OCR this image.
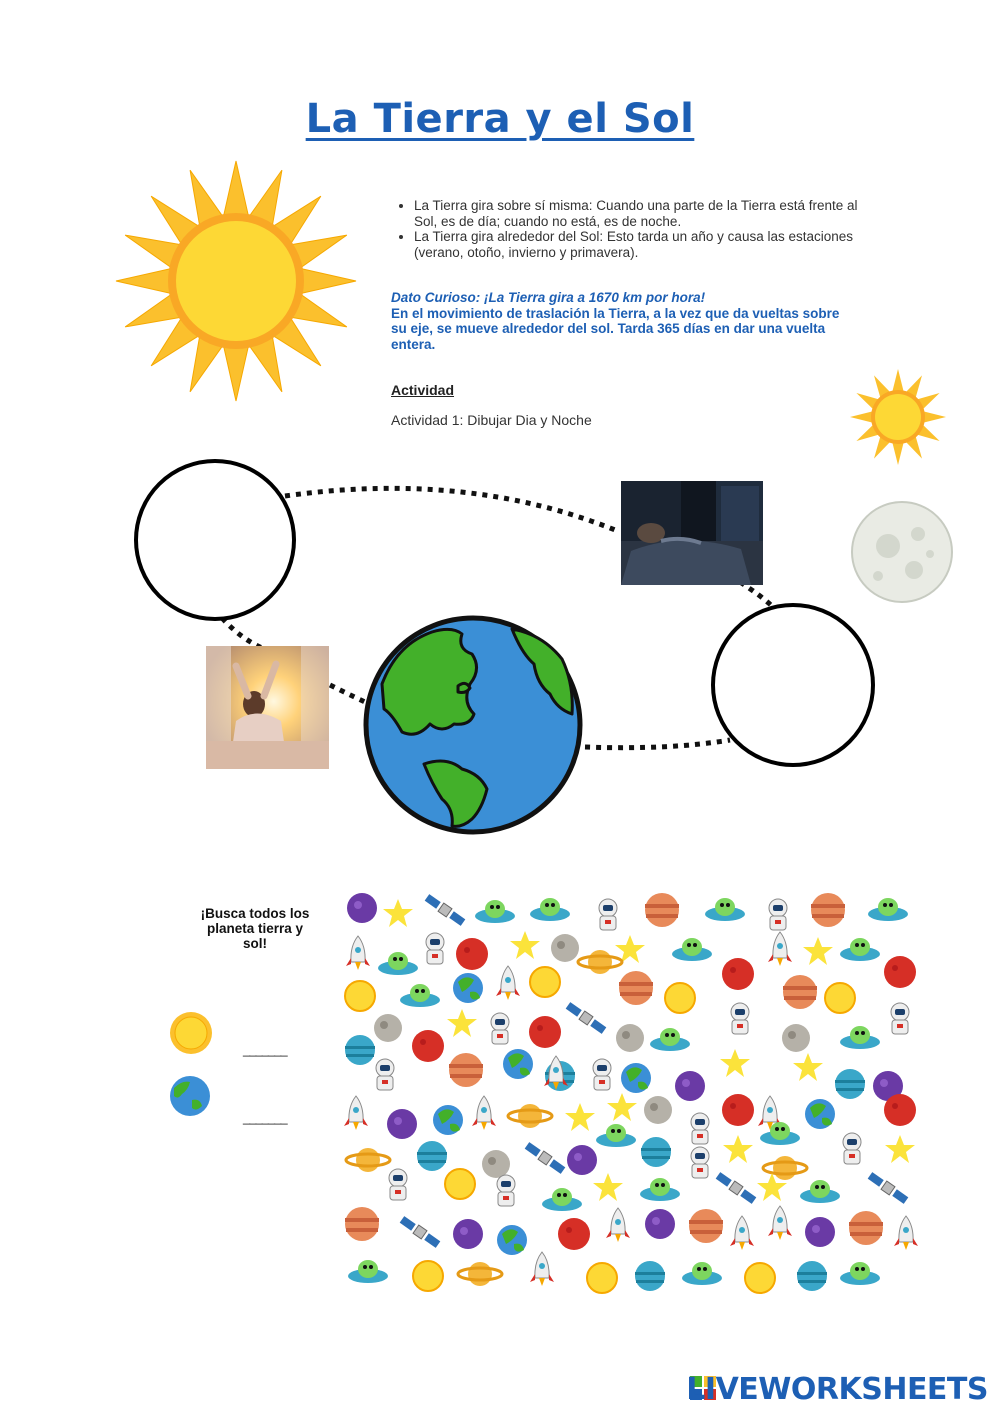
La Tierra y el Sol
• La Tierra gira sobre sí misma: Cuando una parte de la Tierra está frente al Sol, es de día; cuando no está, es de noche.
• La Tierra gira alrededor del Sol: Esto tarda un año y causa las estaciones (verano, otoño, invierno y primavera).
Dato Curioso: ¡La Tierra gira a 1670 km por hora!
En el movimiento de traslación la Tierra, a la vez que da vueltas sobre su eje, se mueve alrededor del sol. Tarda 365 días en dar una vuelta entera.
Actividad
Actividad 1: Dibujar Dia y Noche
¡Busca todos los planeta tierra y sol!
_______
_______
LIVEWORKSHEETS
